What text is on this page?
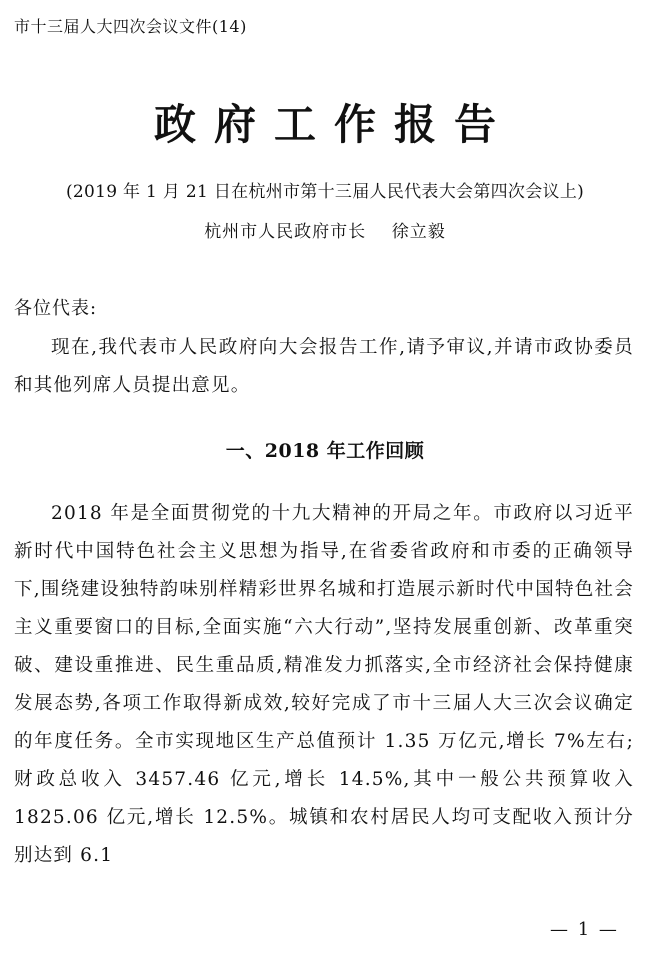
市十三届人大四次会议文件(14)
政府工作报告
(2019 年 1 月 21 日在杭州市第十三届人民代表大会第四次会议上)
杭州市人民政府市长    徐立毅
各位代表:

现在,我代表市人民政府向大会报告工作,请予审议,并请市政协委员和其他列席人员提出意见。

一、2018 年工作回顾

2018 年是全面贯彻党的十九大精神的开局之年。市政府以习近平新时代中国特色社会主义思想为指导,在省委省政府和市委的正确领导下,围绕建设独特韵味别样精彩世界名城和打造展示新时代中国特色社会主义重要窗口的目标,全面实施“六大行动”,坚持发展重创新、改革重突破、建设重推进、民生重品质,精准发力抓落实,全市经济社会保持健康发展态势,各项工作取得新成效,较好完成了市十三届人大三次会议确定的年度任务。全市实现地区生产总值预计 1.35 万亿元,增长 7%左右;财政总收入 3457.46 亿元,增长 14.5%,其中一般公共预算收入 1825.06 亿元,增长 12.5%。城镇和农村居民人均可支配收入预计分别达到 6.1

— 1 —
